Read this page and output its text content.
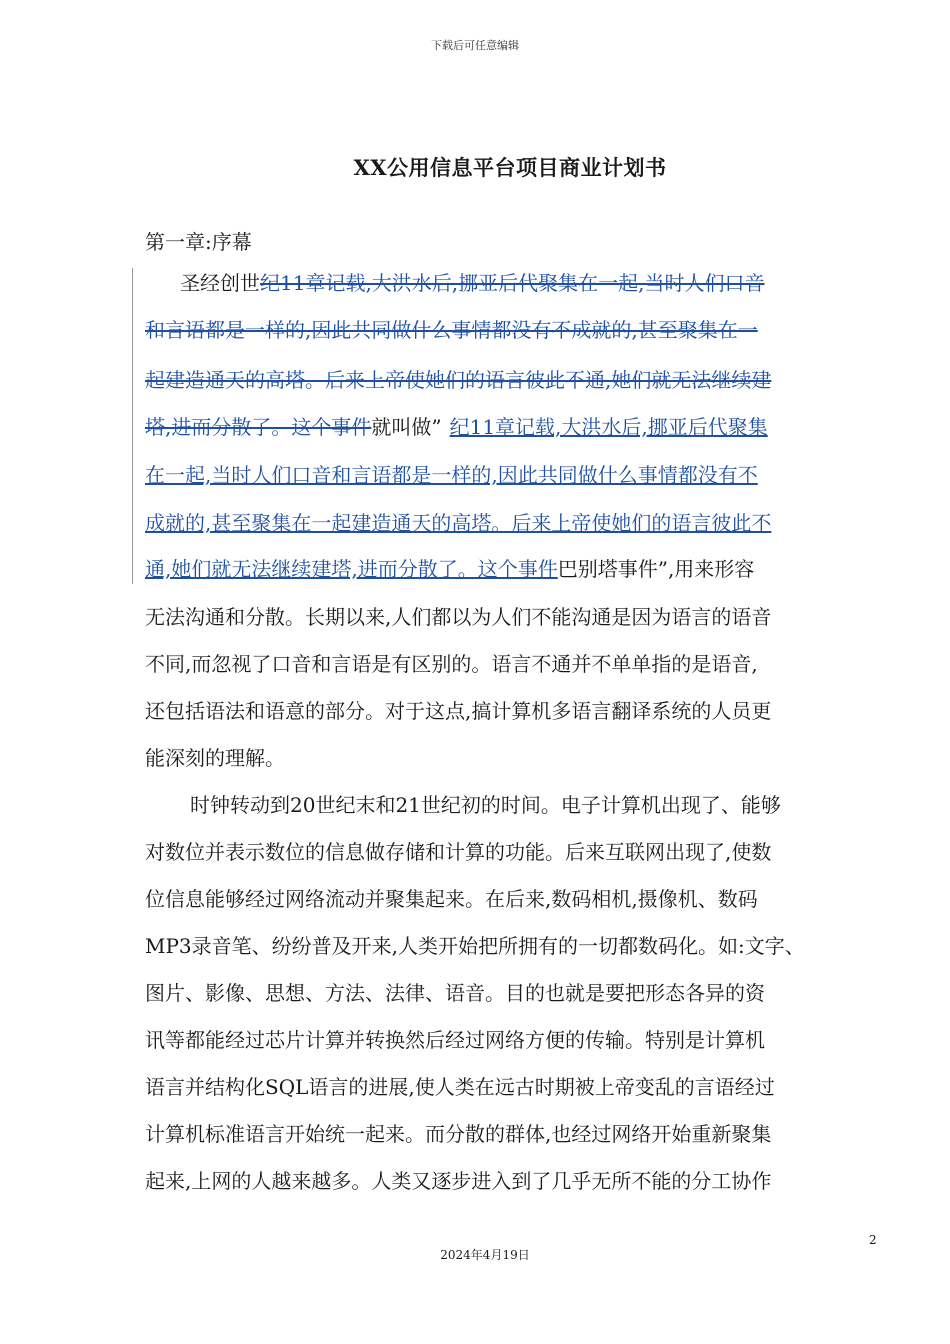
下载后可任意编辑
XX公用信息平台项目商业计划书
第一章:序幕
圣经创世纪11章记载,大洪水后,挪亚后代聚集在一起,当时人们口音
和言语都是一样的,因此共同做什么事情都没有不成就的,甚至聚集在一
起建造通天的高塔。后来上帝使她们的语言彼此不通,她们就无法继续建
塔,进而分散了。这个事件就叫做” 纪11章记载,大洪水后,挪亚后代聚集
在一起,当时人们口音和言语都是一样的,因此共同做什么事情都没有不
成就的,甚至聚集在一起建造通天的高塔。后来上帝使她们的语言彼此不
通,她们就无法继续建塔,进而分散了。这个事件巴别塔事件”,用来形容
无法沟通和分散。长期以来,人们都以为人们不能沟通是因为语言的语音
不同,而忽视了口音和言语是有区别的。语言不通并不单单指的是语音,
还包括语法和语意的部分。对于这点,搞计算机多语言翻译系统的人员更
能深刻的理解。
时钟转动到20世纪末和21世纪初的时间。电子计算机出现了、能够
对数位并表示数位的信息做存储和计算的功能。后来互联网出现了,使数
位信息能够经过网络流动并聚集起来。在后来,数码相机,摄像机、数码
MP3录音笔、纷纷普及开来,人类开始把所拥有的一切都数码化。如:文字、
图片、影像、思想、方法、法律、语音。目的也就是要把形态各异的资
讯等都能经过芯片计算并转换然后经过网络方便的传输。特别是计算机
语言并结构化SQL语言的进展,使人类在远古时期被上帝变乱的言语经过
计算机标准语言开始统一起来。而分散的群体,也经过网络开始重新聚集
起来,上网的人越来越多。人类又逐步进入到了几乎无所不能的分工协作
2
2024年4月19日
